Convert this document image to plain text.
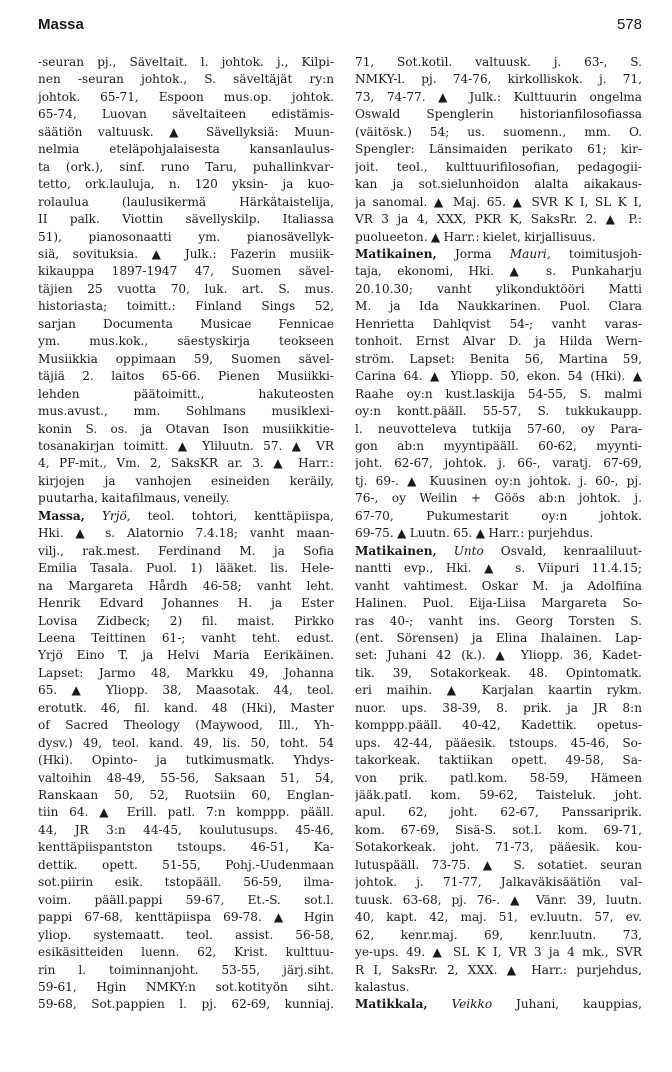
Massa	578
-seuran pj., Säveltait. l. johtok. j., Kilpi-
nen -seuran johtok., S. säveltäjät ry:n
johtok. 65-71, Espoon mus.op. johtok.
65-74, Luovan säveltaiteen edistämis-
säätiön valtuusk. ▲ Sävellyksiä: Muun-
nelmia eteläpohjalaisesta kansanlaulus-
ta (ork.), sinf. runo Taru, puhallinkvar-
tetto, ork.lauluja, n. 120 yksin- ja kuo-
rolaulua (laulusikermä Härkätaistelija,
II palk. Viottin sävellyskilp. Italiassa
51), pianosonaatti ym. pianosävellyk-
siä, sovituksia. ▲ Julk.: Fazerin musiik-
kikauppa 1897-1947 47, Suomen sävel-
täjien 25 vuotta 70, luk. art. S. mus.
historiasta; toimitt.: Finland Sings 52,
sarjan Documenta Musicae Fennicae
ym. mus.kok., säestyskirja teokseen
Musiikkia oppimaan 59, Suomen sävel-
täjiä 2. laitos 65-66. Pienen Musiikki-
lehden päätoimitt., hakuteosten
mus.avust., mm. Sohlmans musiklexi-
konin S. os. ja Otavan Ison musiikkitie-
tosanakirjan toimitt. ▲ Yliluutn. 57. ▲ VR
4, PF-mit., Vm. 2, SaksKR ar. 3. ▲ Harr.:
kirjojen ja vanhojen esineiden keräily,
puutarha, kaitafilmaus, veneily.
Massa, Yrjö, teol. tohtori, kenttäpiispa,
Hki. ▲ s. Alatornio 7.4.18; vanht maan-
vilj., rak.mest. Ferdinand M. ja Sofia
Emilia Tasala. Puol. 1) lääket. lis. Hele-
na Margareta Hårdh 46-58; vanht leht.
Henrik Edvard Johannes H. ja Ester
Lovisa Zidbeck; 2) fil. maist. Pirkko
Leena Teittinen 61-; vanht teht. edust.
Yrjö Eino T. ja Helvi Maria Eerikäinen.
Lapset: Jarmo 48, Markku 49, Johanna
65. ▲ Yliopp. 38, Maasotak. 44, teol.
erotutk. 46, fil. kand. 48 (Hki), Master
of Sacred Theology (Maywood, Ill., Yh-
dysv.) 49, teol. kand. 49, lis. 50, toht. 54
(Hki). Opinto- ja tutkimusmatk. Yhdys-
valtoihin 48-49, 55-56, Saksaan 51, 54,
Ranskaan 50, 52, Ruotsiin 60, Englan-
tiin 64. ▲ Erill. patl. 7:n komppp. pääll.
44, JR 3:n 44-45, koulutusups. 45-46,
kenttäpiispantston tstoups. 46-51, Ka-
dettik. opett. 51-55, Pohj.-Uudenmaan
sot.piirin esik. tstopääll. 56-59, ilma-
voim. pääll.pappi 59-67, Et.-S. sot.l.
pappi 67-68, kenttäpiispa 69-78. ▲ Hgin
yliop. systemaatt. teol. assist. 56-58,
esikäsitteiden luenn. 62, Krist. kulttuu-
rin l. toiminnanjoht. 53-55, järj.siht.
59-61, Hgin NMKY:n sot.kotityön siht.
59-68, Sot.pappien l. pj. 62-69, kunniaj.
71, Sot.kotil. valtuusk. j. 63-, S.
NMKY-l. pj. 74-76, kirkolliskok. j. 71,
73, 74-77. ▲ Julk.: Kulttuurin ongelma
Oswald Spenglerin historianfilosofiassa
(väitösk.) 54; us. suomenn., mm. O.
Spengler: Länsimaiden perikato 61; kir-
joit. teol., kulttuurifilosofian, pedagogii-
kan ja sot.sielunhoidon alalta aikakaus-
ja sanomal. ▲ Maj. 65. ▲ SVR K I, SL K I,
VR 3 ja 4, XXX, PKR K, SaksRr. 2. ▲ P.:
puolueeton. ▲ Harr.: kielet, kirjallisuus.
Matikainen, Jorma Mauri, toimitusjoh-
taja, ekonomi, Hki. ▲ s. Punkaharju
20.10.30; vanht ylikonduktööri Matti
M. ja Ida Naukkarinen. Puol. Clara
Henrietta Dahlqvist 54-; vanht varas-
tonhoit. Ernst Alvar D. ja Hilda Wern-
ström. Lapset: Benita 56, Martina 59,
Carina 64. ▲ Yliopp. 50, ekon. 54 (Hki). ▲
Raahe oy:n kust.laskija 54-55, S. malmi
oy:n kontt.pääll. 55-57, S. tukkukaupp.
l. neuvotteleva tutkija 57-60, oy Para-
gon ab:n myyntipääll. 60-62, myynti-
joht. 62-67, johtok. j. 66-, varatj. 67-69,
tj. 69-. ▲ Kuusinen oy:n johtok. j. 60-, pj.
76-, oy Weilin + Göös ab:n johtok. j.
67-70, Pukumestarit oy:n johtok.
69-75. ▲ Luutn. 65. ▲ Harr.: purjehdus.
Matikainen, Unto Osvald, kenraaliluut-
nantti evp., Hki. ▲ s. Viipuri 11.4.15;
vanht vahtimest. Oskar M. ja Adolfiina
Halinen. Puol. Eija-Liisa Margareta So-
ras 40-; vanht ins. Georg Torsten S.
(ent. Sörensen) ja Elina Ihalainen. Lap-
set: Juhani 42 (k.). ▲ Yliopp. 36, Kadet-
tik. 39, Sotakorkeak. 48. Opintomatk.
eri maihin. ▲ Karjalan kaartin rykm.
nuor. ups. 38-39, 8. prik. ja JR 8:n
komppp.pääll. 40-42, Kadettik. opetus-
ups. 42-44, pääesik. tstoups. 45-46, So-
takorkeak. taktiikan opett. 49-58, Sa-
von prik. patl.kom. 58-59, Hämeen
jääk.patl. kom. 59-62, Taisteluk. joht.
apul. 62, joht. 62-67, Panssariprik.
kom. 67-69, Sisä-S. sot.l. kom. 69-71,
Sotakorkeak. joht. 71-73, pääesik. kou-
lutuspääll. 73-75. ▲ S. sotatiet. seuran
johtok. j. 71-77, Jalkaväkisäätiön val-
tuusk. 63-68, pj. 76-. ▲ Vänr. 39, luutn.
40, kapt. 42, maj. 51, ev.luutn. 57, ev.
62, kenr.maj. 69, kenr.luutn. 73,
ye-ups. 49. ▲ SL K I, VR 3 ja 4 mk., SVR
R I, SaksRr. 2, XXX. ▲ Harr.: purjehdus,
kalastus.
Matikkala, Veikko Juhani, kauppias,
